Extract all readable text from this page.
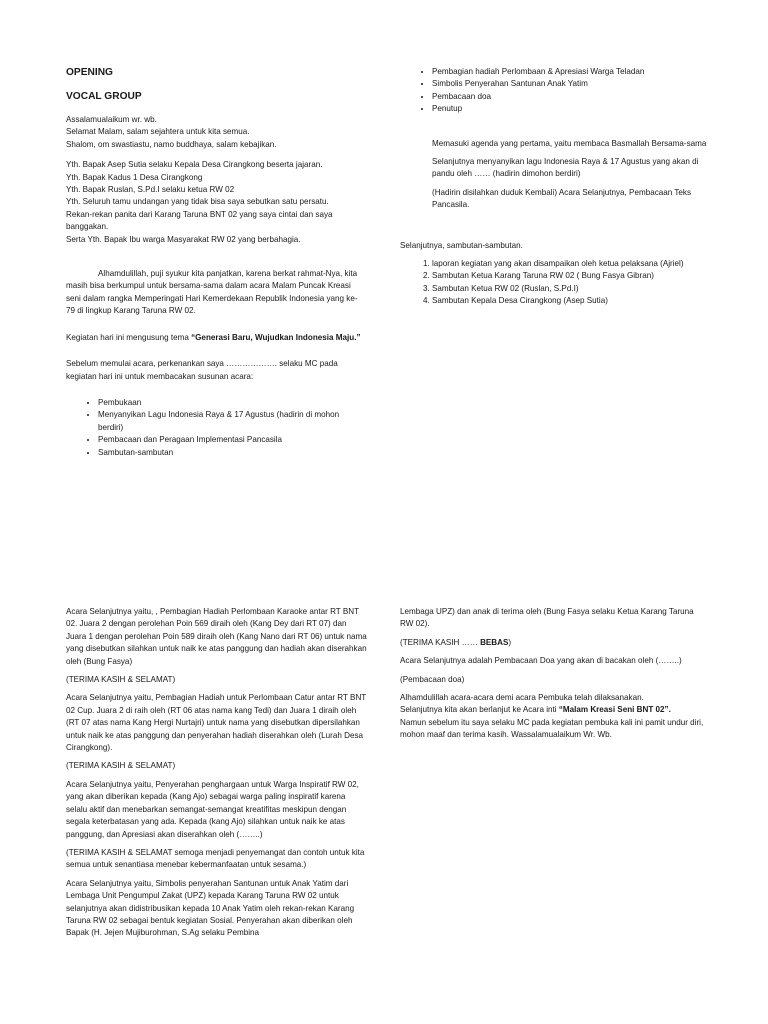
OPENING
VOCAL GROUP
Assalamualaikum wr. wb.
Selamat Malam, salam sejahtera untuk kita semua.
Shalom, om swastiastu, namo buddhaya, salam kebajikan.
Yth. Bapak Asep Sutia selaku Kepala Desa Cirangkong beserta jajaran.
Yth. Bapak Kadus 1 Desa Cirangkong
Yth. Bapak Ruslan, S.Pd.I selaku ketua RW 02
Yth. Seluruh tamu undangan yang tidak bisa saya sebutkan satu persatu.
Rekan-rekan panita dari Karang Taruna BNT 02 yang saya cintai dan saya banggakan.
Serta Yth. Bapak Ibu warga Masyarakat RW 02 yang berbahagia.

Alhamdulillah, puji syukur kita panjatkan, karena berkat rahmat-Nya, kita masih bisa berkumpul untuk bersama-sama dalam acara Malam Puncak Kreasi seni dalam rangka Memperingati Hari Kemerdekaan Republik Indonesia yang ke-79 di lingkup Karang Taruna RW 02.

Kegiatan hari ini mengusung tema “Generasi Baru, Wujudkan Indonesia Maju.”

Sebelum memulai acara, perkenankan saya ………………. selaku MC pada kegiatan hari ini untuk membacakan susunan acara:

• Pembukaan
• Menyanyikan Lagu Indonesia Raya & 17 Agustus (hadirin di mohon berdiri)
• Pembacaan dan Peragaan Implementasi Pancasila
• Sambutan-sambutan
• Pembagian hadiah Perlombaan & Apresiasi Warga Teladan
• Simbolis Penyerahan Santunan Anak Yatim
• Pembacaan doa
• Penutup

Memasuki agenda yang pertama, yaitu membaca Basmallah Bersama-sama

Selanjutnya menyanyikan lagu Indonesia Raya & 17 Agustus yang akan di pandu oleh …… (hadirin dimohon berdiri)

(Hadirin disilahkan duduk Kembali) Acara Selanjutnya, Pembacaan Teks Pancasila.

Selanjutnya, sambutan-sambutan.

1. laporan kegiatan yang akan disampaikan oleh ketua pelaksana (Ajriel)
2. Sambutan Ketua Karang Taruna RW 02 ( Bung Fasya Gibran)
3. Sambutan Ketua RW 02 (Ruslan, S.Pd.I)
4. Sambutan Kepala Desa Cirangkong (Asep Sutia)

Acara Selanjutnya yaitu, , Pembagian Hadiah Perlombaan Karaoke antar RT BNT 02. Juara 2 dengan perolehan Poin 569 diraih oleh (Kang Dey dari RT 07) dan Juara 1 dengan perolehan Poin 589 diraih oleh (Kang Nano dari RT 06) untuk nama yang disebutkan silahkan untuk naik ke atas panggung dan hadiah akan diserahkan oleh (Bung Fasya)

(TERIMA KASIH & SELAMAT)

Acara Selanjutnya yaitu, Pembagian Hadiah untuk Perlombaan Catur antar RT BNT 02 Cup. Juara 2 di raih oleh (RT 06 atas nama kang Tedi) dan Juara 1 diraih oleh (RT 07 atas nama Kang Hergi Nurtajri) untuk nama yang disebutkan dipersilahkan untuk naik ke atas panggung dan penyerahan hadiah diserahkan oleh (Lurah Desa Cirangkong).

(TERIMA KASIH & SELAMAT)

Acara Selanjutnya yaitu, Penyerahan penghargaan untuk Warga Inspiratif RW 02, yang akan diberikan kepada (Kang Ajo) sebagai warga paling inspiratif karena selalu aktif dan menebarkan semangat-semangat kreatifitas meskipun dengan segala keterbatasan yang ada. Kepada (kang Ajo) silahkan untuk naik ke atas panggung, dan Apresiasi akan diserahkan oleh (……..)

(TERIMA KASIH & SELAMAT semoga menjadi penyemangat dan contoh untuk kita semua untuk senantiasa menebar kebermanfaatan untuk sesama.)

Acara Selanjutnya yaitu, Simbolis penyerahan Santunan untuk Anak Yatim dari Lembaga Unit Pengumpul Zakat (UPZ) kepada Karang Taruna RW 02 untuk selanjutnya akan didistribusikan kepada 10 Anak Yatim oleh rekan-rekan Karang Taruna RW 02 sebagai bentuk kegiatan Sosial. Penyerahan akan diberikan oleh Bapak (H. Jejen Mujiburohman, S.Ag selaku Pembina

Lembaga UPZ) dan anak di terima oleh (Bung Fasya selaku Ketua Karang Taruna RW 02).

(TERIMA KASIH …… BEBAS)

Acara Selanjutnya adalah Pembacaan Doa yang akan di bacakan oleh (……..)

(Pembacaan doa)

Alhamdulillah acara-acara demi acara Pembuka telah dilaksanakan.
Selanjutnya kita akan berlanjut ke Acara inti “Malam Kreasi Seni BNT 02”.
Namun sebelum itu saya selaku MC pada kegiatan pembuka kali ini pamit undur diri, mohon maaf dan terima kasih. Wassalamualaikum Wr. Wb.
